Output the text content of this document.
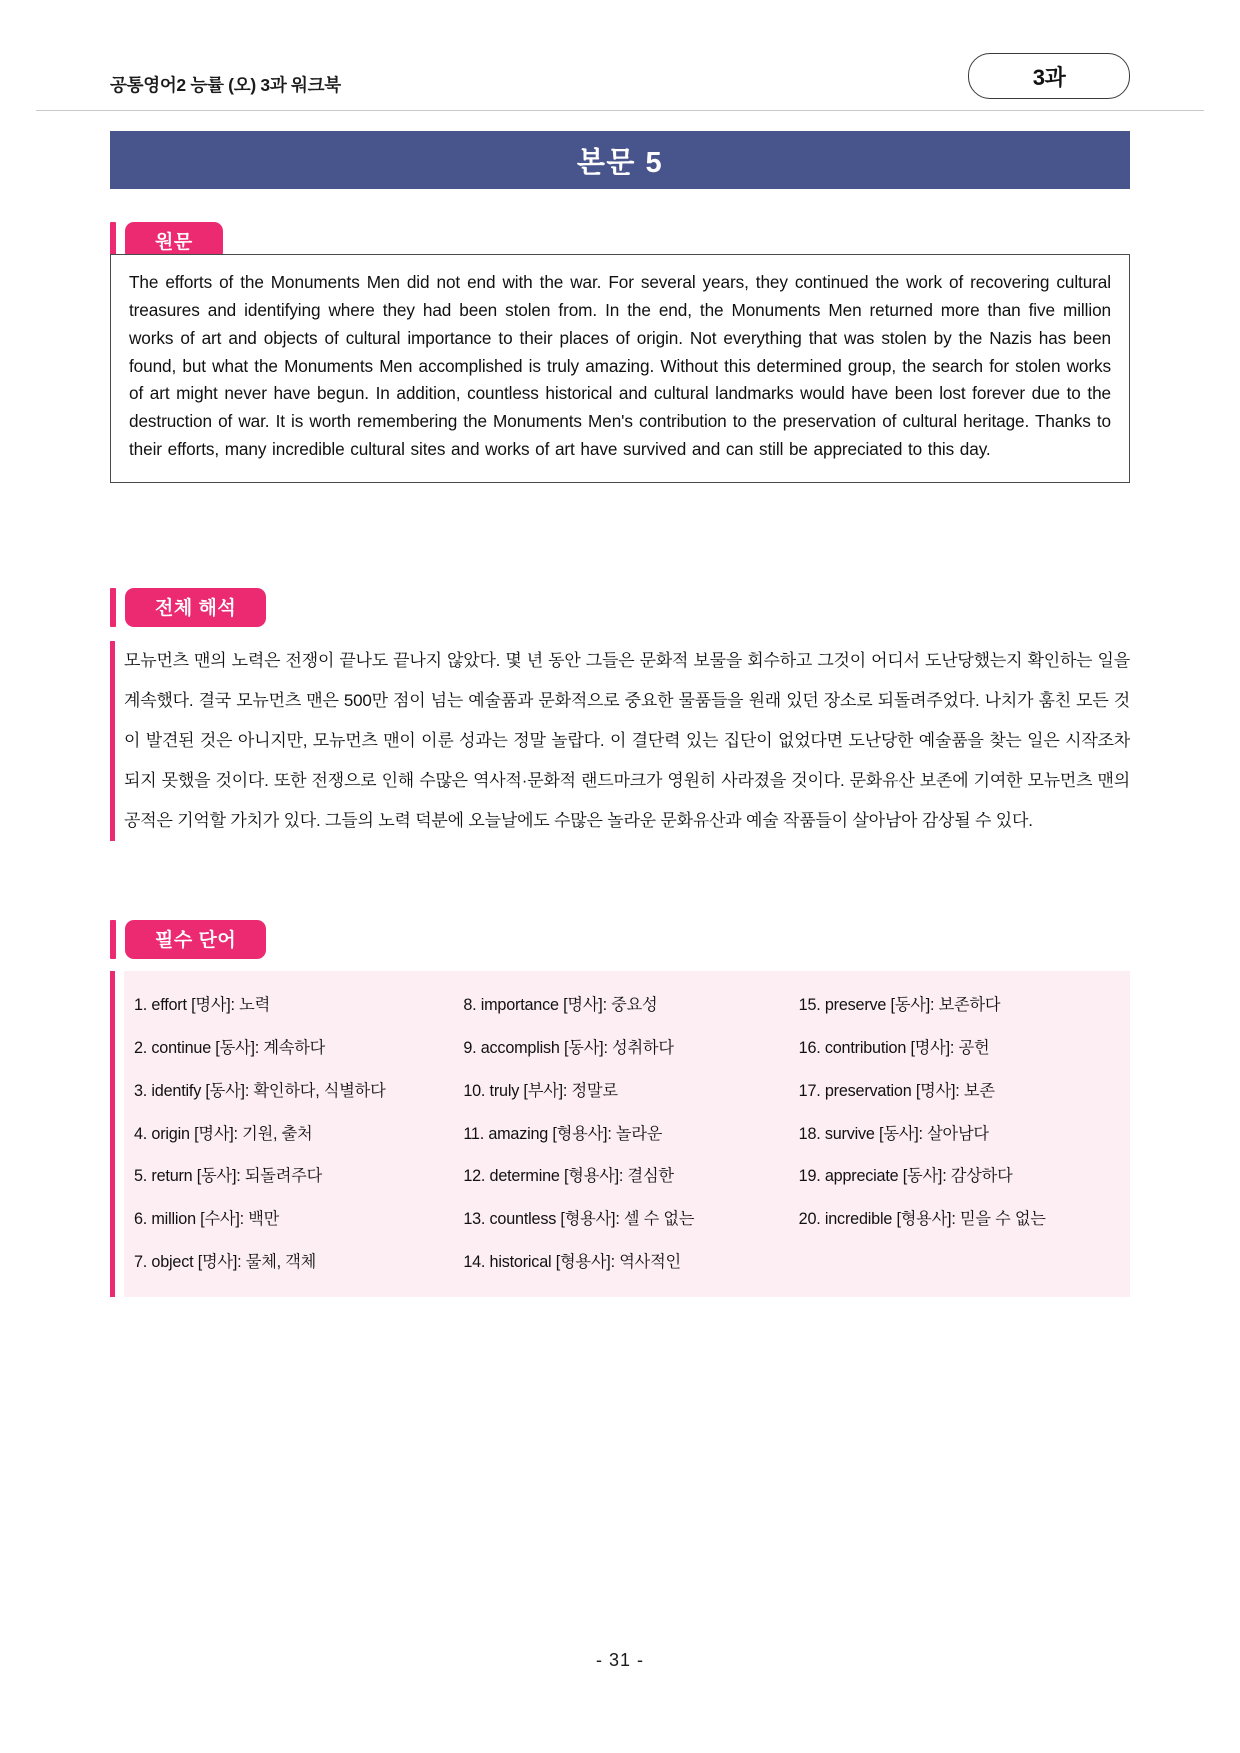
공통영어2 능률 (오) 3과 워크북	3과
본문 5
원문
The efforts of the Monuments Men did not end with the war. For several years, they continued the work of recovering cultural treasures and identifying where they had been stolen from. In the end, the Monuments Men returned more than five million works of art and objects of cultural importance to their places of origin. Not everything that was stolen by the Nazis has been found, but what the Monuments Men accomplished is truly amazing. Without this determined group, the search for stolen works of art might never have begun. In addition, countless historical and cultural landmarks would have been lost forever due to the destruction of war. It is worth remembering the Monuments Men's contribution to the preservation of cultural heritage. Thanks to their efforts, many incredible cultural sites and works of art have survived and can still be appreciated to this day.
전체 해석
모뉴먼츠 맨의 노력은 전쟁이 끝나도 끝나지 않았다. 몇 년 동안 그들은 문화적 보물을 회수하고 그것이 어디서 도난당했는지 확인하는 일을 계속했다. 결국 모뉴먼츠 맨은 500만 점이 넘는 예술품과 문화적으로 중요한 물품들을 원래 있던 장소로 되돌려주었다. 나치가 훔친 모든 것이 발견된 것은 아니지만, 모뉴먼츠 맨이 이룬 성과는 정말 놀랍다. 이 결단력 있는 집단이 없었다면 도난당한 예술품을 찾는 일은 시작조차 되지 못했을 것이다. 또한 전쟁으로 인해 수많은 역사적·문화적 랜드마크가 영원히 사라졌을 것이다. 문화유산 보존에 기여한 모뉴먼츠 맨의 공적은 기억할 가치가 있다. 그들의 노력 덕분에 오늘날에도 수많은 놀라운 문화유산과 예술 작품들이 살아남아 감상될 수 있다.
필수 단어
1. effort [명사]: 노력
2. continue [동사]: 계속하다
3. identify [동사]: 확인하다, 식별하다
4. origin [명사]: 기원, 출처
5. return [동사]: 되돌려주다
6. million [수사]: 백만
7. object [명사]: 물체, 객체
8. importance [명사]: 중요성
9. accomplish [동사]: 성취하다
10. truly [부사]: 정말로
11. amazing [형용사]: 놀라운
12. determine [형용사]: 결심한
13. countless [형용사]: 셀 수 없는
14. historical [형용사]: 역사적인
15. preserve [동사]: 보존하다
16. contribution [명사]: 공헌
17. preservation [명사]: 보존
18. survive [동사]: 살아남다
19. appreciate [동사]: 감상하다
20. incredible [형용사]: 믿을 수 없는
- 31 -
